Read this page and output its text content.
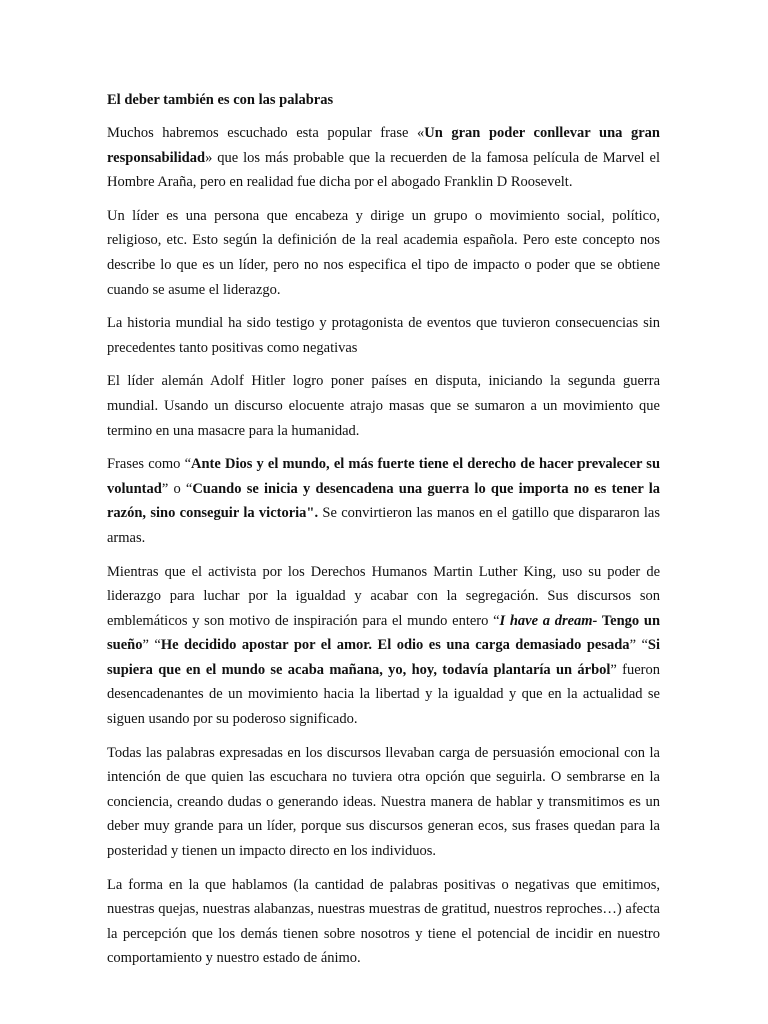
El deber también es con las palabras

Muchos habremos escuchado esta popular frase «Un gran poder conllevar una gran responsabilidad» que los más probable que la recuerden de la famosa película de Marvel el Hombre Araña, pero en realidad fue dicha por el abogado Franklin D Roosevelt.

Un líder es una persona que encabeza y dirige un grupo o movimiento social, político, religioso, etc. Esto según la definición de la real academia española. Pero este concepto nos describe lo que es un líder, pero no nos especifica el tipo de impacto o poder que se obtiene cuando se asume el liderazgo.

La historia mundial ha sido testigo y protagonista de eventos que tuvieron consecuencias sin precedentes tanto positivas como negativas

El líder alemán Adolf Hitler logro poner países en disputa, iniciando la segunda guerra mundial. Usando un discurso elocuente atrajo masas que se sumaron a un movimiento que termino en una masacre para la humanidad.

Frases como “Ante Dios y el mundo, el más fuerte tiene el derecho de hacer prevalecer su voluntad” o “Cuando se inicia y desencadena una guerra lo que importa no es tener la razón, sino conseguir la victoria". Se convirtieron las manos en el gatillo que dispararon las armas.

Mientras que el activista por los Derechos Humanos Martin Luther King, uso su poder de liderazgo para luchar por la igualdad y acabar con la segregación. Sus discursos son emblemáticos y son motivo de inspiración para el mundo entero “I have a dream- Tengo un sueño” “He decidido apostar por el amor. El odio es una carga demasiado pesada” “Si supiera que en el mundo se acaba mañana, yo, hoy, todavía plantaría un árbol” fueron desencadenantes de un movimiento hacia la libertad y la igualdad y que en la actualidad se siguen usando por su poderoso significado.

Todas las palabras expresadas en los discursos llevaban carga de persuasión emocional con la intención de que quien las escuchara no tuviera otra opción que seguirla. O sembrarse en la conciencia, creando dudas o generando ideas. Nuestra manera de hablar y transmitimos es un deber muy grande para un líder, porque sus discursos generan ecos, sus frases quedan para la posteridad y tienen un impacto directo en los individuos.

La forma en la que hablamos (la cantidad de palabras positivas o negativas que emitimos, nuestras quejas, nuestras alabanzas, nuestras muestras de gratitud, nuestros reproches…) afecta la percepción que los demás tienen sobre nosotros y tiene el potencial de incidir en nuestro comportamiento y nuestro estado de ánimo.
